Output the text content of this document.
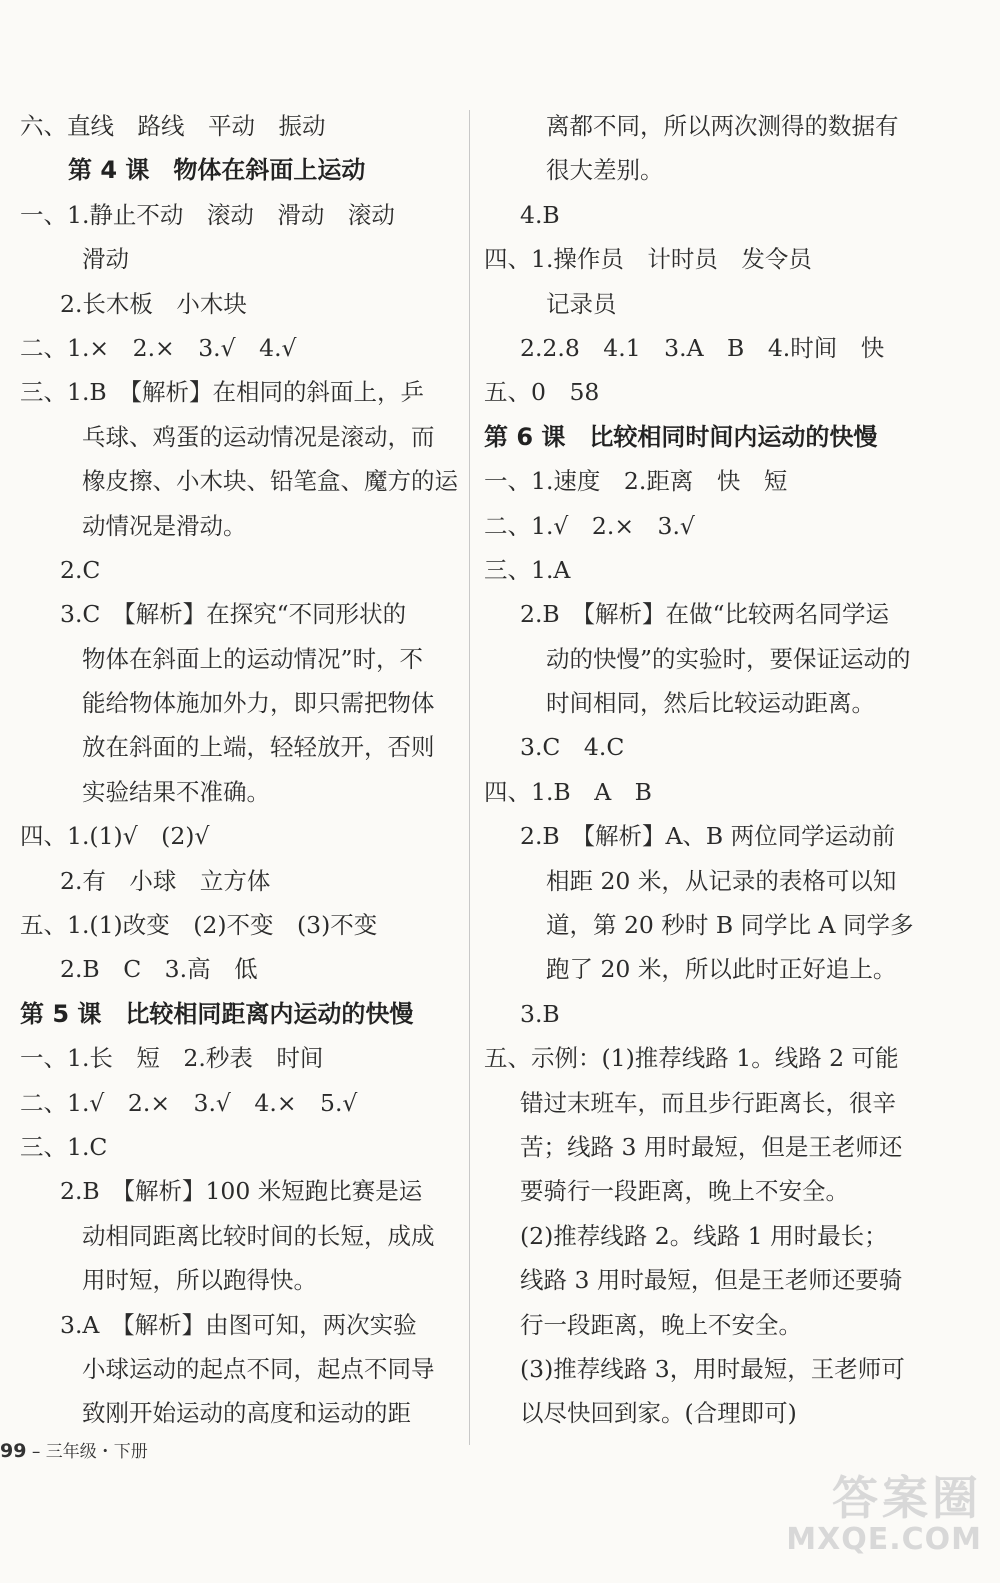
六、直线　路线　平动　振动
第 4 课　物体在斜面上运动
一、1.静止不动　滚动　滑动　滚动
滑动
2.长木板　小木块
二、1.×　2.×　3.√　4.√
三、1.B　【解析】在相同的斜面上，乒
乓球、鸡蛋的运动情况是滚动，而
橡皮擦、小木块、铅笔盒、魔方的运
动情况是滑动。
2.C
3.C　【解析】在探究“不同形状的
物体在斜面上的运动情况”时，不
能给物体施加外力，即只需把物体
放在斜面的上端，轻轻放开，否则
实验结果不准确。
四、1.(1)√　(2)√
2.有　小球　立方体
五、1.(1)改变　(2)不变　(3)不变
2.B　C　3.高　低
第 5 课　比较相同距离内运动的快慢
一、1.长　短　2.秒表　时间
二、1.√　2.×　3.√　4.×　5.√
三、1.C
2.B　【解析】100 米短跑比赛是运
动相同距离比较时间的长短，成成
用时短，所以跑得快。
3.A　【解析】由图可知，两次实验
小球运动的起点不同，起点不同导
致刚开始运动的高度和运动的距
离都不同，所以两次测得的数据有
很大差别。
4.B
四、1.操作员　计时员　发令员
记录员
2.2.8　4.1　3.A　B　4.时间　快
五、0　58
第 6 课　比较相同时间内运动的快慢
一、1.速度　2.距离　快　短
二、1.√　2.×　3.√
三、1.A
2.B　【解析】在做“比较两名同学运
动的快慢”的实验时，要保证运动的
时间相同，然后比较运动距离。
3.C　4.C
四、1.B　A　B
2.B　【解析】A、B 两位同学运动前
相距 20 米，从记录的表格可以知
道，第 20 秒时 B 同学比 A 同学多
跑了 20 米，所以此时正好追上。
3.B
五、示例：(1)推荐线路 1。线路 2 可能
错过末班车，而且步行距离长，很辛
苦；线路 3 用时最短，但是王老师还
要骑行一段距离，晚上不安全。
(2)推荐线路 2。线路 1 用时最长；
线路 3 用时最短，但是王老师还要骑
行一段距离，晚上不安全。
(3)推荐线路 3，用时最短，王老师可
以尽快回到家。(合理即可)
99 – 三年级・下册
答案圈
MXQE.COM
